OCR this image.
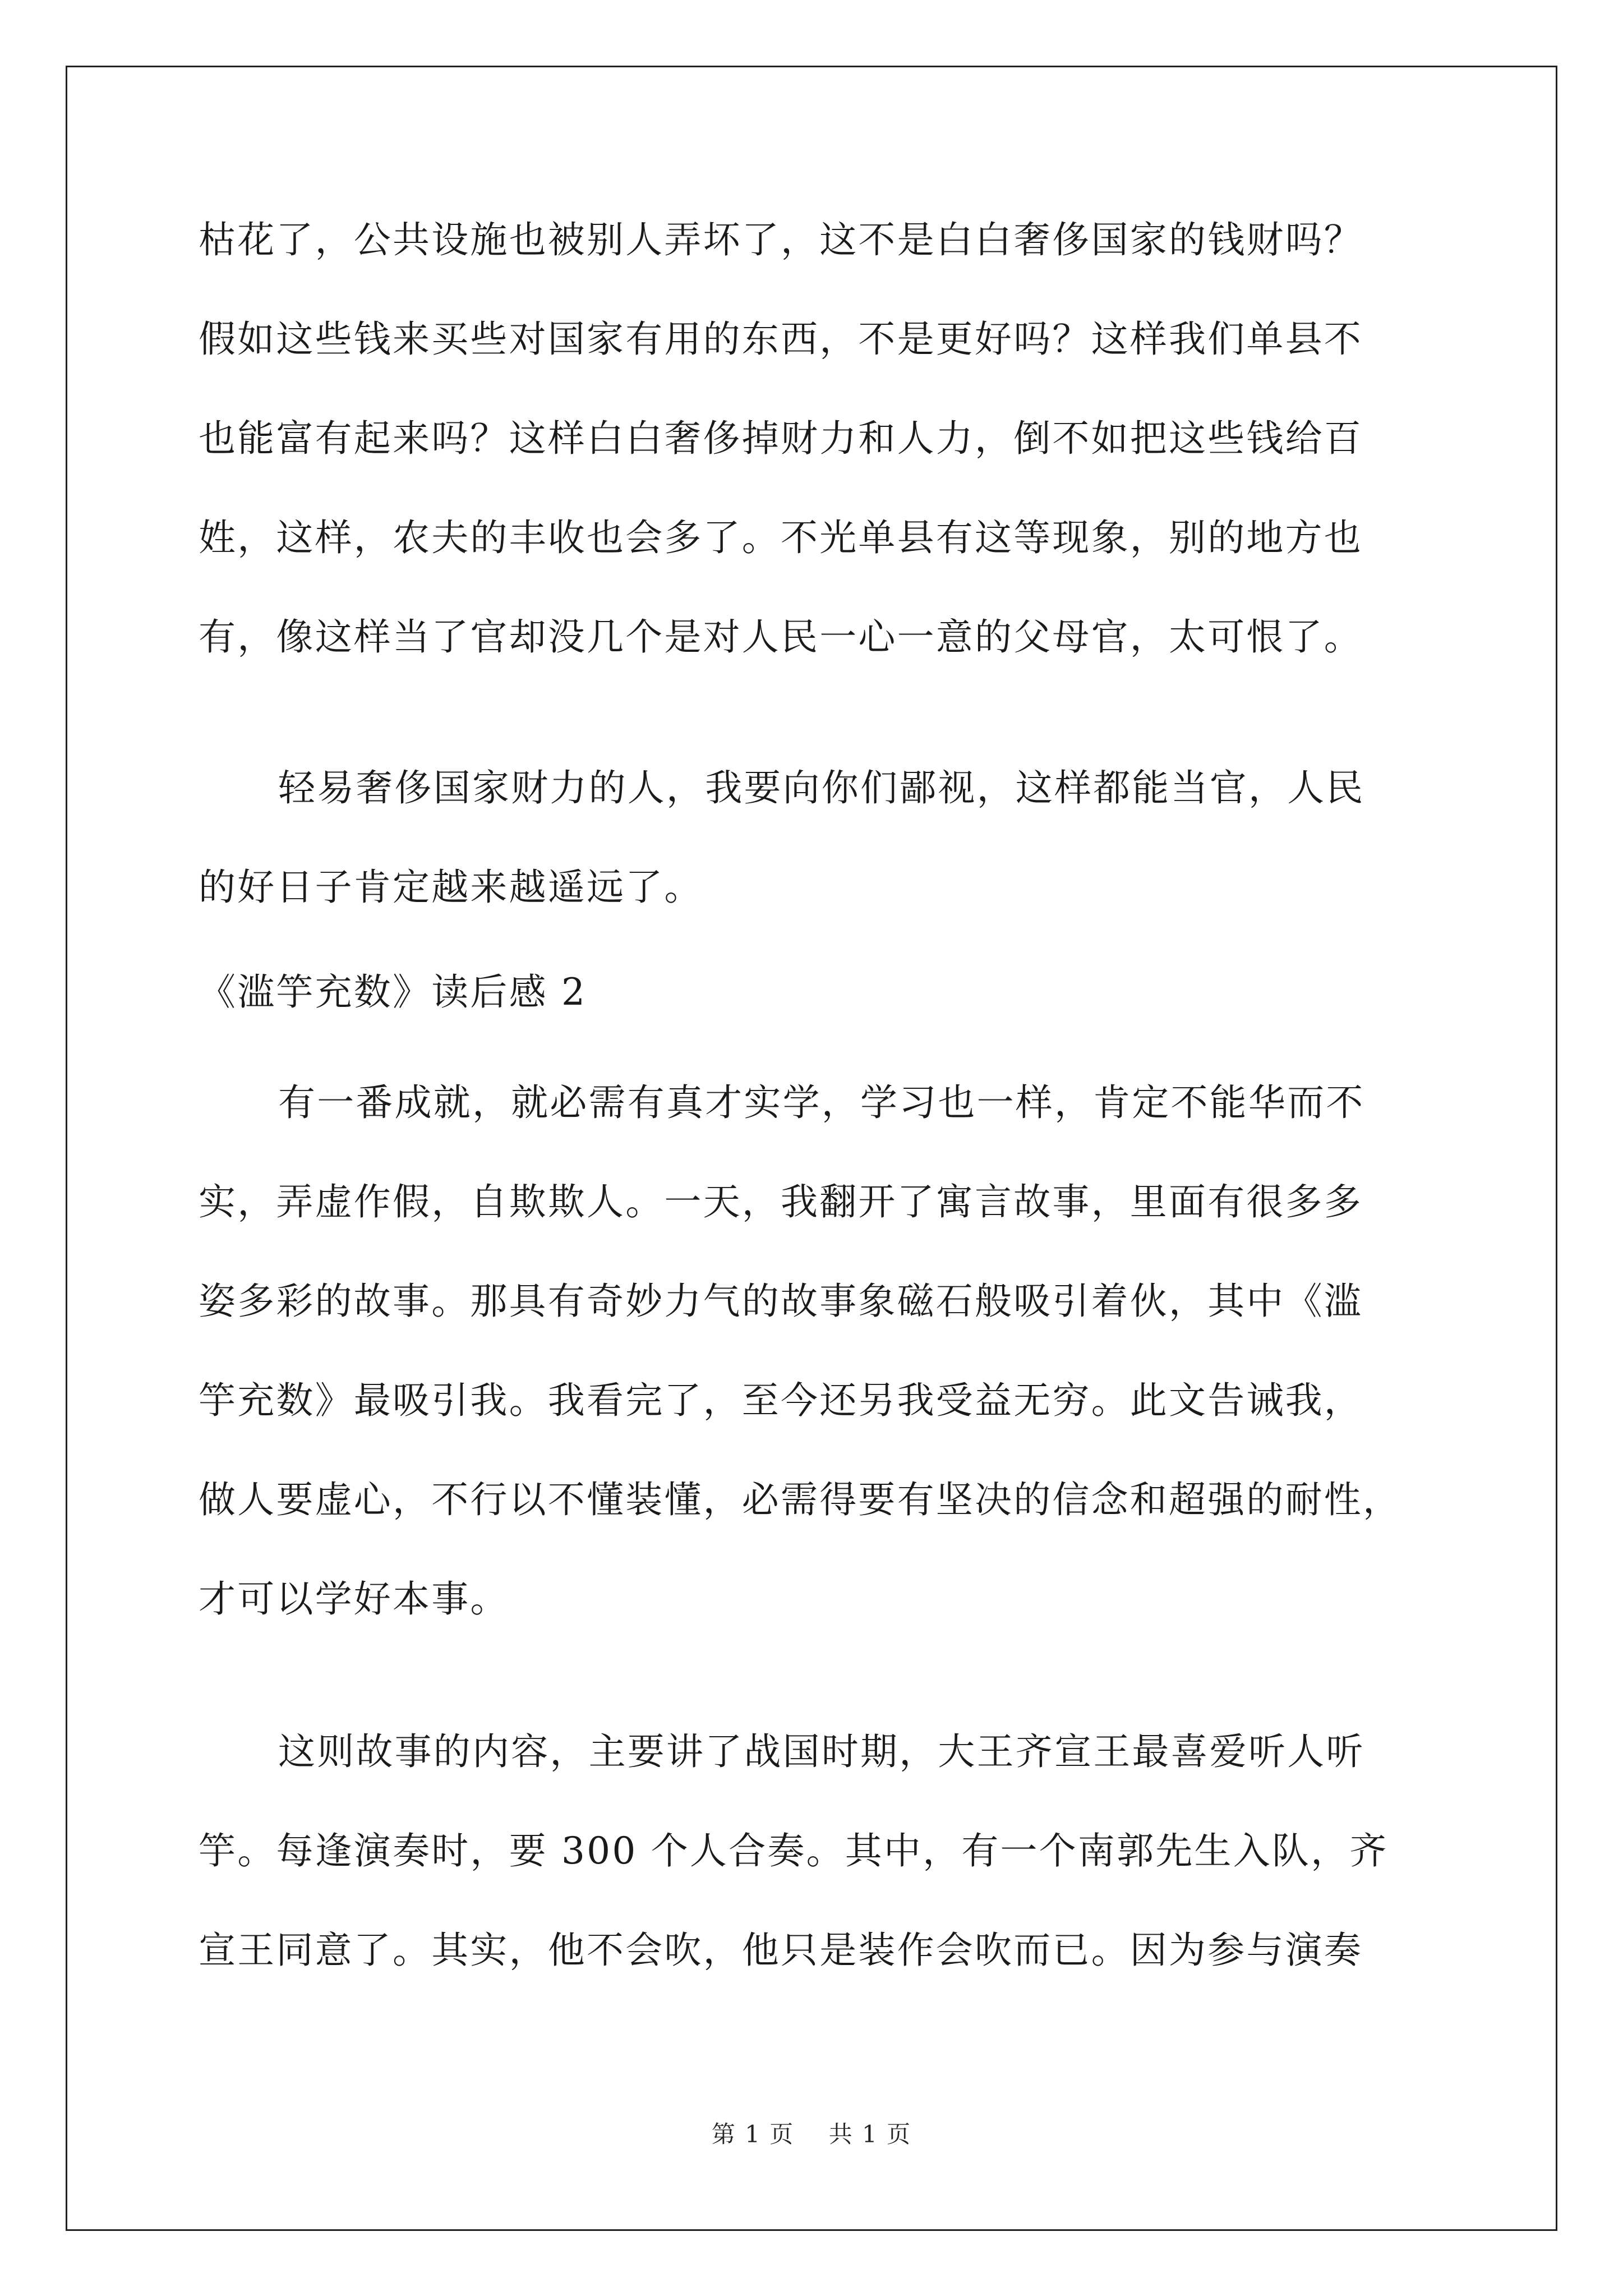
枯花了，公共设施也被别人弄坏了，这不是白白奢侈国家的钱财吗？
假如这些钱来买些对国家有用的东西，不是更好吗？这样我们单县不
也能富有起来吗？这样白白奢侈掉财力和人力，倒不如把这些钱给百
姓，这样，农夫的丰收也会多了。不光单县有这等现象，别的地方也
有，像这样当了官却没几个是对人民一心一意的父母官，太可恨了。
轻易奢侈国家财力的人，我要向你们鄙视，这样都能当官，人民
的好日子肯定越来越遥远了。
《滥竽充数》读后感 2
有一番成就，就必需有真才实学，学习也一样，肯定不能华而不
实，弄虚作假，自欺欺人。一天，我翻开了寓言故事，里面有很多多
姿多彩的故事。那具有奇妙力气的故事象磁石般吸引着伙，其中《滥
竽充数》最吸引我。我看完了，至今还另我受益无穷。此文告诫我，
做人要虚心，不行以不懂装懂，必需得要有坚决的信念和超强的耐性，
才可以学好本事。
这则故事的内容，主要讲了战国时期，大王齐宣王最喜爱听人听
竽。每逢演奏时，要 300 个人合奏。其中，有一个南郭先生入队，齐
宣王同意了。其实，他不会吹，他只是装作会吹而已。因为参与演奏
第 1 页    共 1 页
